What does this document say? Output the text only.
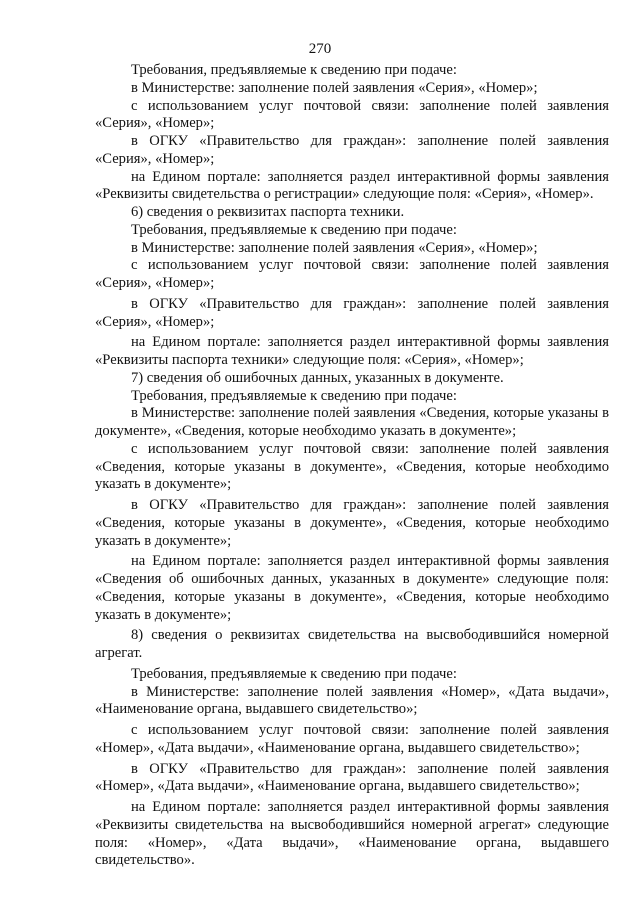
270

Требования, предъявляемые к сведению при подаче:

в Министерстве: заполнение полей заявления «Серия», «Номер»;

с использованием услуг почтовой связи: заполнение полей заявления «Серия», «Номер»;

в ОГКУ «Правительство для граждан»: заполнение полей заявления «Серия», «Номер»;

на Едином портале: заполняется раздел интерактивной формы заявления «Реквизиты свидетельства о регистрации» следующие поля: «Серия», «Номер».

6) сведения о реквизитах паспорта техники.

Требования, предъявляемые к сведению при подаче:

в Министерстве: заполнение полей заявления «Серия», «Номер»;

с использованием услуг почтовой связи: заполнение полей заявления «Серия», «Номер»;

в ОГКУ «Правительство для граждан»: заполнение полей заявления «Серия», «Номер»;

на Едином портале: заполняется раздел интерактивной формы заявления «Реквизиты паспорта техники» следующие поля: «Серия», «Номер»;

7) сведения об ошибочных данных, указанных в документе.

Требования, предъявляемые к сведению при подаче:

в Министерстве: заполнение полей заявления «Сведения, которые указаны в документе», «Сведения, которые необходимо указать в документе»;

с использованием услуг почтовой связи: заполнение полей заявления «Сведения, которые указаны в документе», «Сведения, которые необходимо указать в документе»;

в ОГКУ «Правительство для граждан»: заполнение полей заявления «Сведения, которые указаны в документе», «Сведения, которые необходимо указать в документе»;

на Едином портале: заполняется раздел интерактивной формы заявления «Сведения об ошибочных данных, указанных в документе» следующие поля: «Сведения, которые указаны в документе», «Сведения, которые необходимо указать в документе»;

8) сведения о реквизитах свидетельства на высвободившийся номерной агрегат.

Требования, предъявляемые к сведению при подаче:

в Министерстве: заполнение полей заявления «Номер», «Дата выдачи», «Наименование органа, выдавшего свидетельство»;

с использованием услуг почтовой связи: заполнение полей заявления «Номер», «Дата выдачи», «Наименование органа, выдавшего свидетельство»;

в ОГКУ «Правительство для граждан»: заполнение полей заявления «Номер», «Дата выдачи», «Наименование органа, выдавшего свидетельство»;

на Едином портале: заполняется раздел интерактивной формы заявления «Реквизиты свидетельства на высвободившийся номерной агрегат» следующие поля: «Номер», «Дата выдачи», «Наименование органа, выдавшего свидетельство».
